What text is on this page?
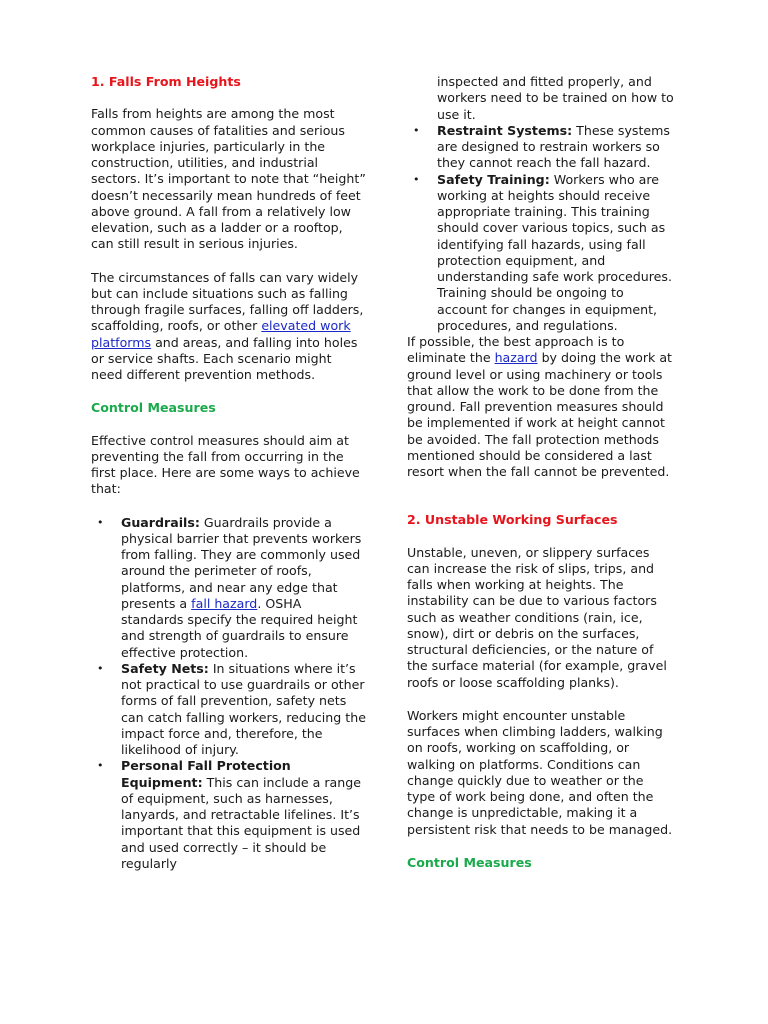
1. Falls From Heights

Falls from heights are among the most common causes of fatalities and serious workplace injuries, particularly in the construction, utilities, and industrial sectors. It’s important to note that “height” doesn’t necessarily mean hundreds of feet above ground. A fall from a relatively low elevation, such as a ladder or a rooftop, can still result in serious injuries.

The circumstances of falls can vary widely but can include situations such as falling through fragile surfaces, falling off ladders, scaffolding, roofs, or other elevated work platforms and areas, and falling into holes or service shafts. Each scenario might need different prevention methods.

Control Measures

Effective control measures should aim at preventing the fall from occurring in the first place. Here are some ways to achieve that:

• Guardrails: Guardrails provide a physical barrier that prevents workers from falling. They are commonly used around the perimeter of roofs, platforms, and near any edge that presents a fall hazard. OSHA standards specify the required height and strength of guardrails to ensure effective protection.
• Safety Nets: In situations where it’s not practical to use guardrails or other forms of fall prevention, safety nets can catch falling workers, reducing the impact force and, therefore, the likelihood of injury.
• Personal Fall Protection Equipment: This can include a range of equipment, such as harnesses, lanyards, and retractable lifelines. It’s important that this equipment is used and used correctly – it should be regularly
inspected and fitted properly, and workers need to be trained on how to use it.
• Restraint Systems: These systems are designed to restrain workers so they cannot reach the fall hazard.
• Safety Training: Workers who are working at heights should receive appropriate training. This training should cover various topics, such as identifying fall hazards, using fall protection equipment, and understanding safe work procedures. Training should be ongoing to account for changes in equipment, procedures, and regulations.

If possible, the best approach is to eliminate the hazard by doing the work at ground level or using machinery or tools that allow the work to be done from the ground. Fall prevention measures should be implemented if work at height cannot be avoided. The fall protection methods mentioned should be considered a last resort when the fall cannot be prevented.

2. Unstable Working Surfaces

Unstable, uneven, or slippery surfaces can increase the risk of slips, trips, and falls when working at heights. The instability can be due to various factors such as weather conditions (rain, ice, snow), dirt or debris on the surfaces, structural deficiencies, or the nature of the surface material (for example, gravel roofs or loose scaffolding planks).

Workers might encounter unstable surfaces when climbing ladders, walking on roofs, working on scaffolding, or walking on platforms. Conditions can change quickly due to weather or the type of work being done, and often the change is unpredictable, making it a persistent risk that needs to be managed.

Control Measures
